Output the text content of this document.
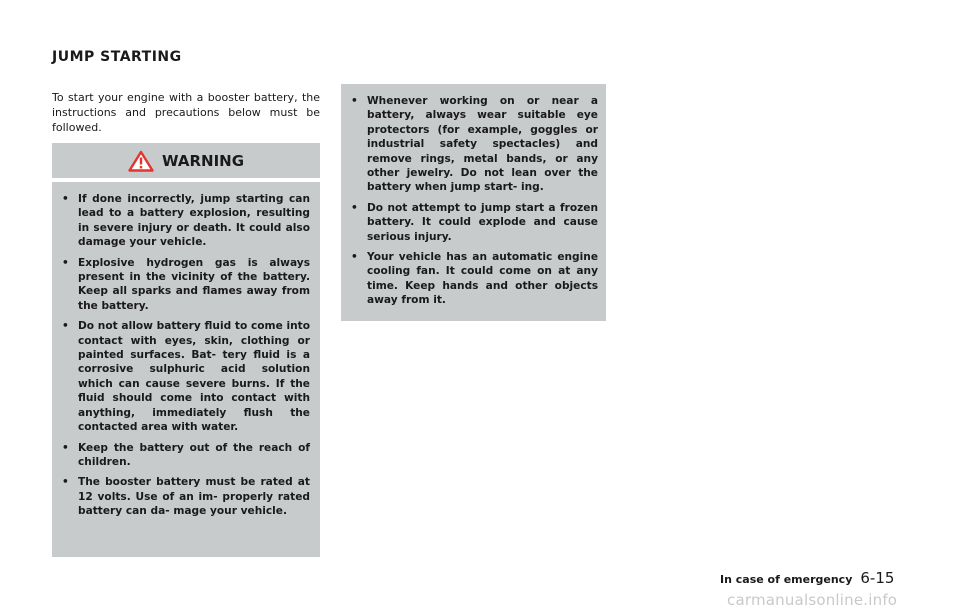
JUMP STARTING

To start your engine with a booster battery, the instructions and precautions below must be followed.

WARNING
• If done incorrectly, jump starting can lead to a battery explosion, resulting in severe injury or death. It could also damage your vehicle.
• Explosive hydrogen gas is always present in the vicinity of the battery. Keep all sparks and flames away from the battery.
• Do not allow battery fluid to come into contact with eyes, skin, clothing or painted surfaces. Bat- tery fluid is a corrosive sulphuric acid solution which can cause severe burns. If the fluid should come into contact with anything, immediately flush the contacted area with water.
• Keep the battery out of the reach of children.
• The booster battery must be rated at 12 volts. Use of an im- properly rated battery can da- mage your vehicle.
• Whenever working on or near a battery, always wear suitable eye protectors (for example, goggles or industrial safety spectacles) and remove rings, metal bands, or any other jewelry. Do not lean over the battery when jump start- ing.
• Do not attempt to jump start a frozen battery. It could explode and cause serious injury.
• Your vehicle has an automatic engine cooling fan. It could come on at any time. Keep hands and other objects away from it.
In case of emergency 6-15
carmanualsonline.info
